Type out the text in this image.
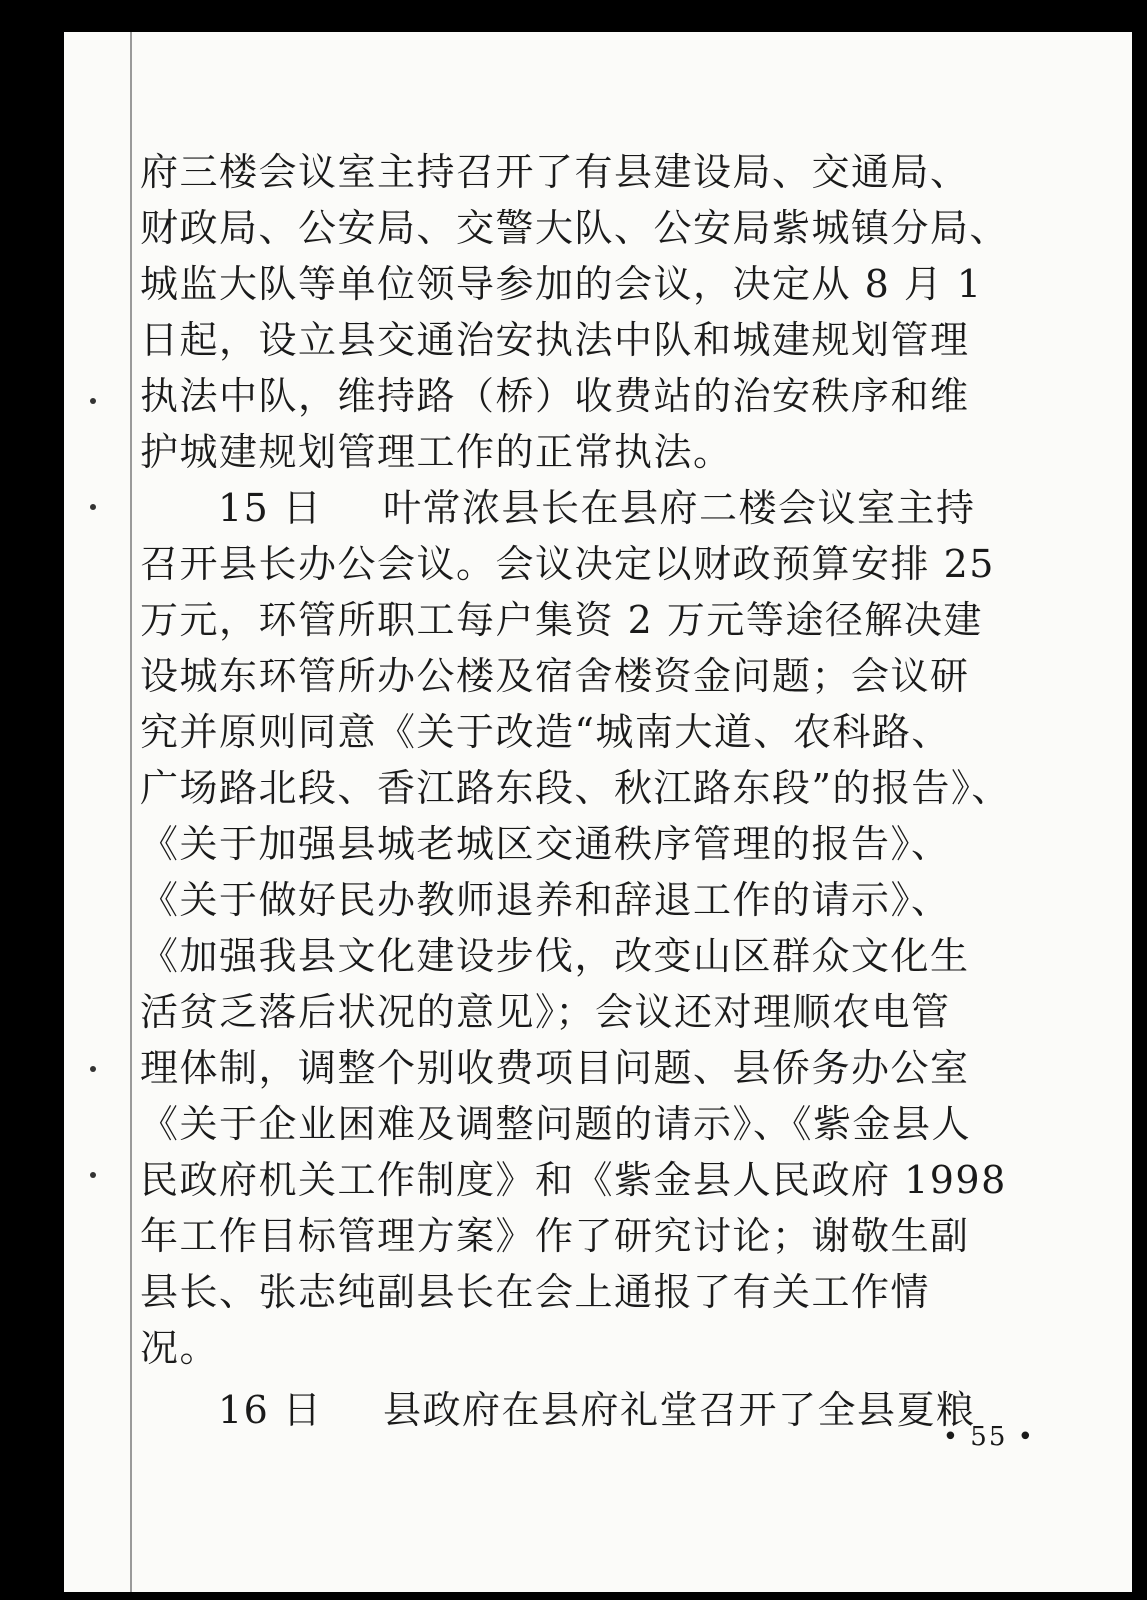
府三楼会议室主持召开了有县建设局、交通局、
财政局、公安局、交警大队、公安局紫城镇分局、
城监大队等单位领导参加的会议，决定从 8 月 1
日起，设立县交通治安执法中队和城建规划管理
执法中队，维持路（桥）收费站的治安秩序和维
护城建规划管理工作的正常执法。
15 日 叶常浓县长在县府二楼会议室主持
召开县长办公会议。会议决定以财政预算安排 25
万元，环管所职工每户集资 2 万元等途径解决建
设城东环管所办公楼及宿舍楼资金问题；会议研
究并原则同意《关于改造“城南大道、农科路、
广场路北段、香江路东段、秋江路东段”的报告》、
《关于加强县城老城区交通秩序管理的报告》、
《关于做好民办教师退养和辞退工作的请示》、
《加强我县文化建设步伐，改变山区群众文化生
活贫乏落后状况的意见》；会议还对理顺农电管
理体制，调整个别收费项目问题、县侨务办公室
《关于企业困难及调整问题的请示》、《紫金县人
民政府机关工作制度》和《紫金县人民政府 1998
年工作目标管理方案》作了研究讨论；谢敬生副
县长、张志纯副县长在会上通报了有关工作情
况。
16 日 县政府在县府礼堂召开了全县夏粮
• 55 •
